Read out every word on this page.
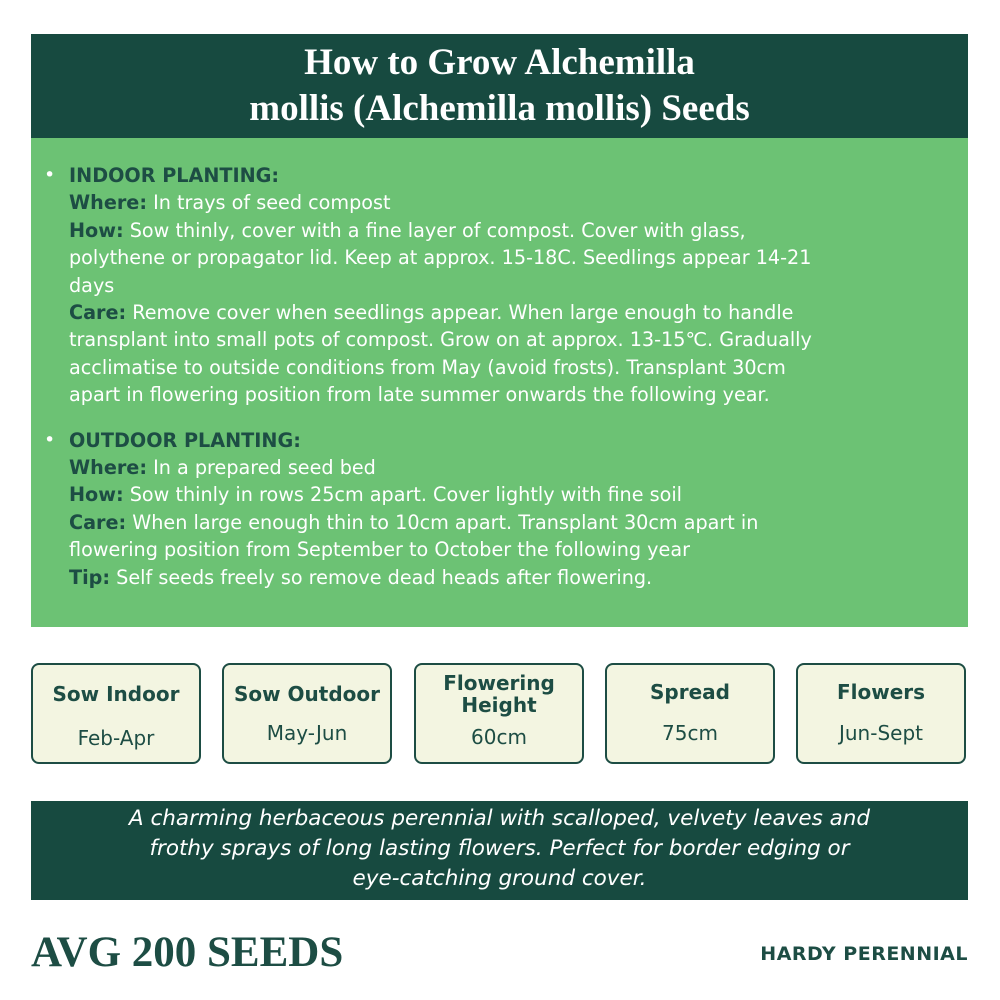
How to Grow Alchemilla
mollis (Alchemilla mollis) Seeds
• INDOOR PLANTING:
Where: In trays of seed compost
How: Sow thinly, cover with a fine layer of compost. Cover with glass,
polythene or propagator lid. Keep at approx. 15-18C. Seedlings appear 14-21
days
Care: Remove cover when seedlings appear. When large enough to handle
transplant into small pots of compost. Grow on at approx. 13-15℃. Gradually
acclimatise to outside conditions from May (avoid frosts). Transplant 30cm
apart in flowering position from late summer onwards the following year.
• OUTDOOR PLANTING:
Where: In a prepared seed bed
How: Sow thinly in rows 25cm apart. Cover lightly with fine soil
Care: When large enough thin to 10cm apart. Transplant 30cm apart in
flowering position from September to October the following year
Tip: Self seeds freely so remove dead heads after flowering.
Sow Indoor
Feb-Apr
Sow Outdoor
May-Jun
Flowering
Height
60cm
Spread
75cm
Flowers
Jun-Sept
A charming herbaceous perennial with scalloped, velvety leaves and
frothy sprays of long lasting flowers. Perfect for border edging or
eye-catching ground cover.
AVG 200 SEEDS	HARDY PERENNIAL
